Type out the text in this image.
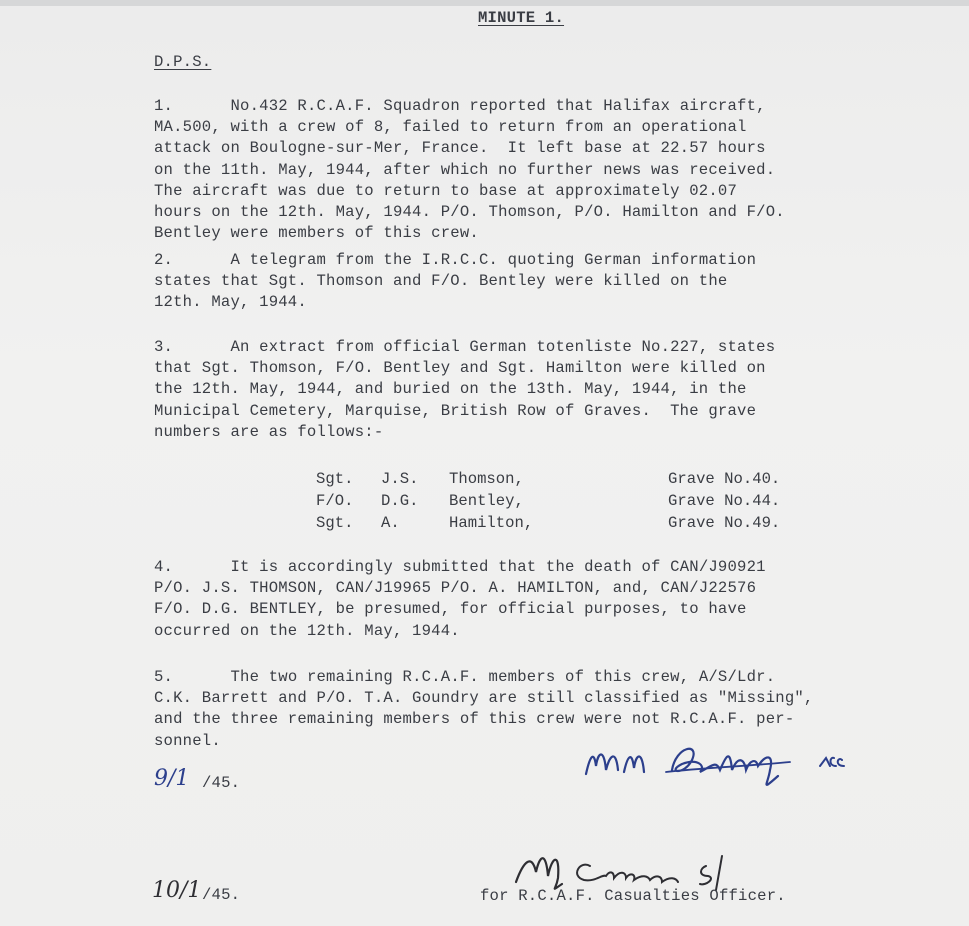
MINUTE 1.
D.P.S.
1.	No.432 R.C.A.F. Squadron reported that Halifax aircraft,
MA.500, with a crew of 8, failed to return from an operational
attack on Boulogne-sur-Mer, France.  It left base at 22.57 hours
on the 11th. May, 1944, after which no further news was received.
The aircraft was due to return to base at approximately 02.07
hours on the 12th. May, 1944. P/O. Thomson, P/O. Hamilton and F/O.
Bentley were members of this crew.
2.	A telegram from the I.R.C.C. quoting German information
states that Sgt. Thomson and F/O. Bentley were killed on the
12th. May, 1944.
3.	An extract from official German totenliste No.227, states
that Sgt. Thomson, F/O. Bentley and Sgt. Hamilton were killed on
the 12th. May, 1944, and buried on the 13th. May, 1944, in the
Municipal Cemetery, Marquise, British Row of Graves.  The grave
numbers are as follows:-
Sgt. J.S. Thomson,	Grave No.40.
F/O. D.G. Bentley,	Grave No.44.
Sgt. A.	Hamilton,	Grave No.49.
4.	It is accordingly submitted that the death of CAN/J90921
P/O. J.S. THOMSON, CAN/J19965 P/O. A. HAMILTON, and, CAN/J22576
F/O. D.G. BENTLEY, be presumed, for official purposes, to have
occurred on the 12th. May, 1944.
5.	The two remaining R.C.A.F. members of this crew, A/S/Ldr.
C.K. Barrett and P/O. T.A. Goundry are still classified as "Missing",
and the three remaining members of this crew were not R.C.A.F. per-
sonnel.
9/1 /45.
10/1 /45.	for R.C.A.F. Casualties Officer.
